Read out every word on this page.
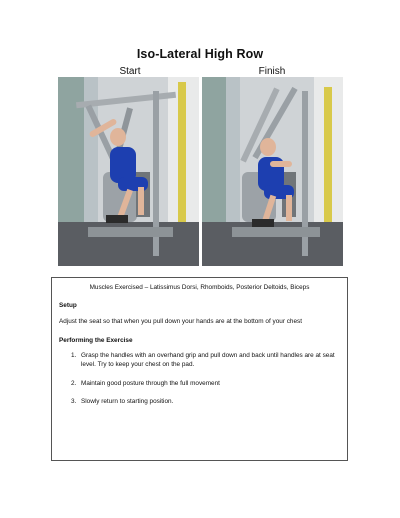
Iso-Lateral High Row
Start	Finish
Muscles Exercised – Latissimus Dorsi, Rhomboids, Posterior Deltoids, Biceps
Setup
Adjust the seat so that when you pull down your hands are at the bottom of your chest
Performing the Exercise
1. Grasp the handles with an overhand grip and pull down and back until handles are at seat level. Try to keep your chest on the pad.
2. Maintain good posture through the full movement
3. Slowly return to starting position.
